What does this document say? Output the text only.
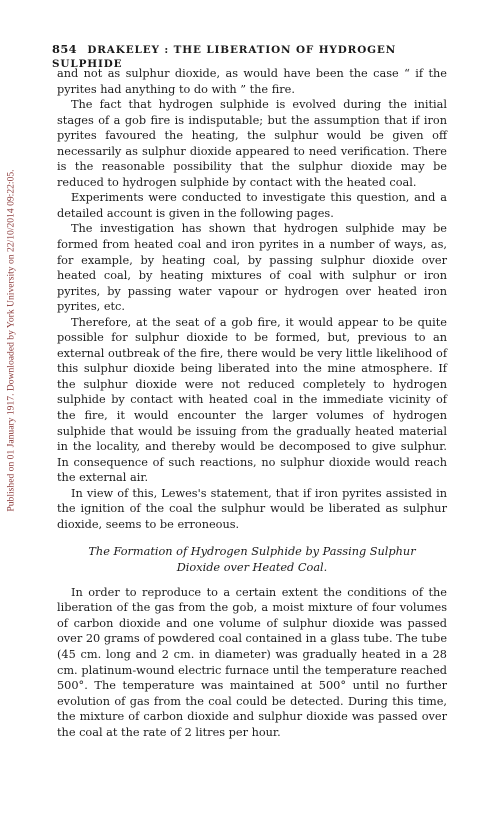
Published on 01 January 1917. Downloaded by York University on 22/10/2014 09:22:05.
854 DRAKELEY : THE LIBERATION OF HYDROGEN SULPHIDE

and not as sulphur dioxide, as would have been the case “ if the pyrites had anything to do with ” the fire.

The fact that hydrogen sulphide is evolved during the initial stages of a gob fire is indisputable; but the assumption that if iron pyrites favoured the heating, the sulphur would be given off necessarily as sulphur dioxide appeared to need verification. There is the reasonable possibility that the sulphur dioxide may be reduced to hydrogen sulphide by contact with the heated coal.

Experiments were conducted to investigate this question, and a detailed account is given in the following pages.

The investigation has shown that hydrogen sulphide may be formed from heated coal and iron pyrites in a number of ways, as, for example, by heating coal, by passing sulphur dioxide over heated coal, by heating mixtures of coal with sulphur or iron pyrites, by passing water vapour or hydrogen over heated iron pyrites, etc.

Therefore, at the seat of a gob fire, it would appear to be quite possible for sulphur dioxide to be formed, but, previous to an external outbreak of the fire, there would be very little likelihood of this sulphur dioxide being liberated into the mine atmosphere. If the sulphur dioxide were not reduced completely to hydrogen sulphide by contact with heated coal in the immediate vicinity of the fire, it would encounter the larger volumes of hydrogen sulphide that would be issuing from the gradually heated material in the locality, and thereby would be decomposed to give sulphur. In consequence of such reactions, no sulphur dioxide would reach the external air.

In view of this, Lewes's statement, that if iron pyrites assisted in the ignition of the coal the sulphur would be liberated as sulphur dioxide, seems to be erroneous.

The Formation of Hydrogen Sulphide by Passing Sulphur
Dioxide over Heated Coal.

In order to reproduce to a certain extent the conditions of the liberation of the gas from the gob, a moist mixture of four volumes of carbon dioxide and one volume of sulphur dioxide was passed over 20 grams of powdered coal contained in a glass tube. The tube (45 cm. long and 2 cm. in diameter) was gradually heated in a 28 cm. platinum-wound electric furnace until the temperature reached 500°. The temperature was maintained at 500° until no further evolution of gas from the coal could be detected. During this time, the mixture of carbon dioxide and sulphur dioxide was passed over the coal at the rate of 2 litres per hour.
